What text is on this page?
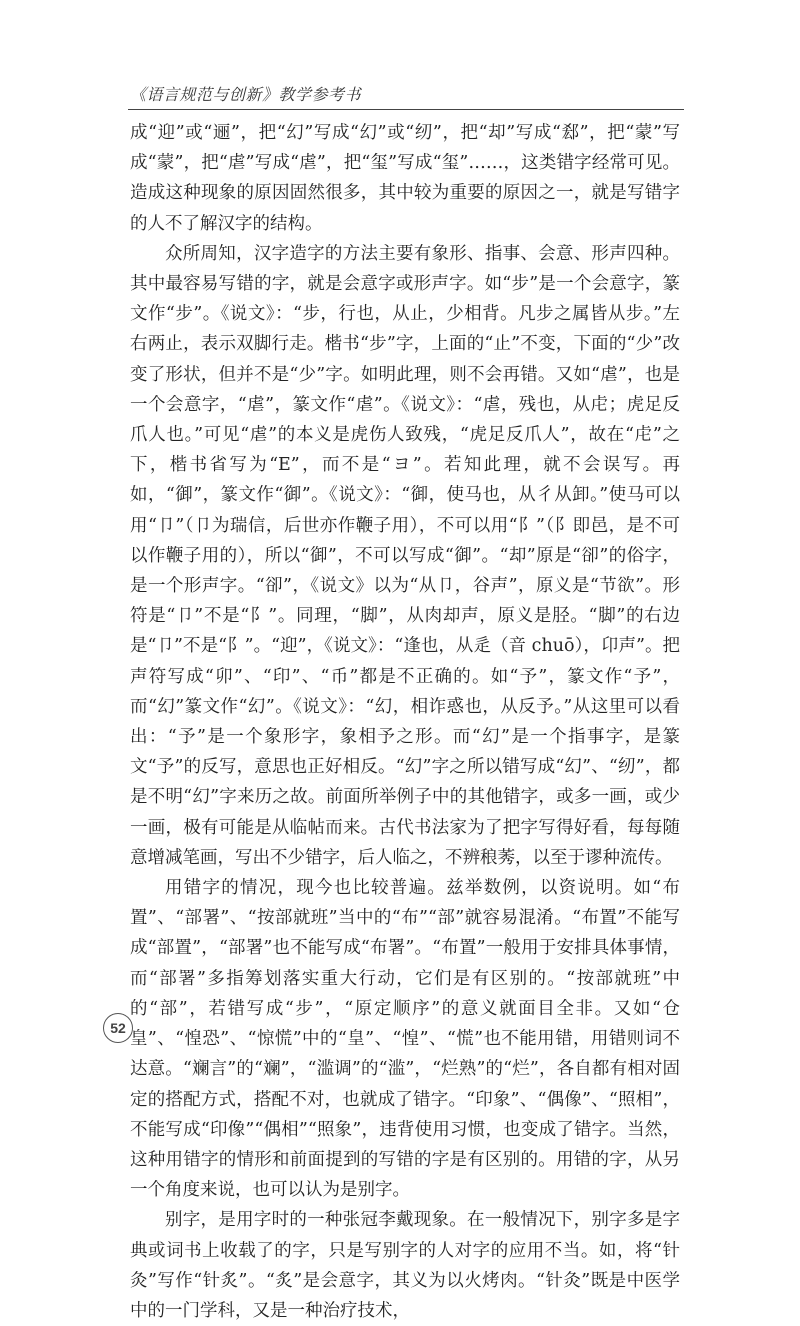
《语言规范与创新》教学参考书

成“迎”或“逦”，把“幻”写成“幻”或“纫”，把“却”写成“郄”，把“蒙”写成“蒙”，把“虐”写成“虐”，把“玺”写成“玺”……，这类错字经常可见。造成这种现象的原因固然很多，其中较为重要的原因之一，就是写错字的人不了解汉字的结构。

众所周知，汉字造字的方法主要有象形、指事、会意、形声四种。其中最容易写错的字，就是会意字或形声字。如“步”是一个会意字，篆文作“步”。《说文》：“步，行也，从止，少相背。凡步之属皆从步。”左右两止，表示双脚行走。楷书“步”字，上面的“止”不变，下面的“少”改变了形状，但并不是“少”字。如明此理，则不会再错。又如“虐”，也是一个会意字，“虐”，篆文作“虐”。《说文》：“虐，残也，从虍；虎足反爪人也。”可见“虐”的本义是虎伤人致残，“虎足反爪人”，故在“虍”之下，楷书省写为“E”，而不是“ヨ”。若知此理，就不会误写。再如，“御”，篆文作“御”。《说文》：“御，使马也，从彳从卸。”使马可以用“卩”（卩为瑞信，后世亦作鞭子用），不可以用“阝”（阝即邑，是不可以作鞭子用的），所以“御”，不可以写成“御”。“却”原是“卻”的俗字，是一个形声字。“卻”，《说文》以为“从卩，谷声”，原义是“节欲”。形符是“卩”不是“阝”。同理，“脚”，从肉却声，原义是胫。“脚”的右边是“卩”不是“阝”。“迎”，《说文》：“逢也，从辵（音 chuō），卬声”。把声符写成“卯”、“印”、“币”都是不正确的。如“予”，篆文作“予”，而“幻”篆文作“幻”。《说文》：“幻，相诈惑也，从反予。”从这里可以看出：“予”是一个象形字，象相予之形。而“幻”是一个指事字，是篆文“予”的反写，意思也正好相反。“幻”字之所以错写成“幻”、“纫”，都是不明“幻”字来历之故。前面所举例子中的其他错字，或多一画，或少一画，极有可能是从临帖而来。古代书法家为了把字写得好看，每每随意增减笔画，写出不少错字，后人临之，不辨稂莠，以至于谬种流传。

用错字的情况，现今也比较普遍。兹举数例，以资说明。如“布置”、“部署”、“按部就班”当中的“布”“部”就容易混淆。“布置”不能写成“部置”，“部署”也不能写成“布署”。“布置”一般用于安排具体事情，而“部署”多指筹划落实重大行动，它们是有区别的。“按部就班”中的“部”，若错写成“步”，“原定顺序”的意义就面目全非。又如“仓皇”、“惶恐”、“惊慌”中的“皇”、“惶”、“慌”也不能用错，用错则词不达意。“斓言”的“斓”，“滥调”的“滥”，“烂熟”的“烂”，各自都有相对固定的搭配方式，搭配不对，也就成了错字。“印象”、“偶像”、“照相”，不能写成“印像”“偶相”“照象”，违背使用习惯，也变成了错字。当然，这种用错字的情形和前面提到的写错的字是有区别的。用错的字，从另一个角度来说，也可以认为是别字。

别字，是用字时的一种张冠李戴现象。在一般情况下，别字多是字典或词书上收载了的字，只是写别字的人对字的应用不当。如，将“针灸”写作“针炙”。“炙”是会意字，其义为以火烤肉。“针灸”既是中医学中的一门学科，又是一种治疗技术，

52
